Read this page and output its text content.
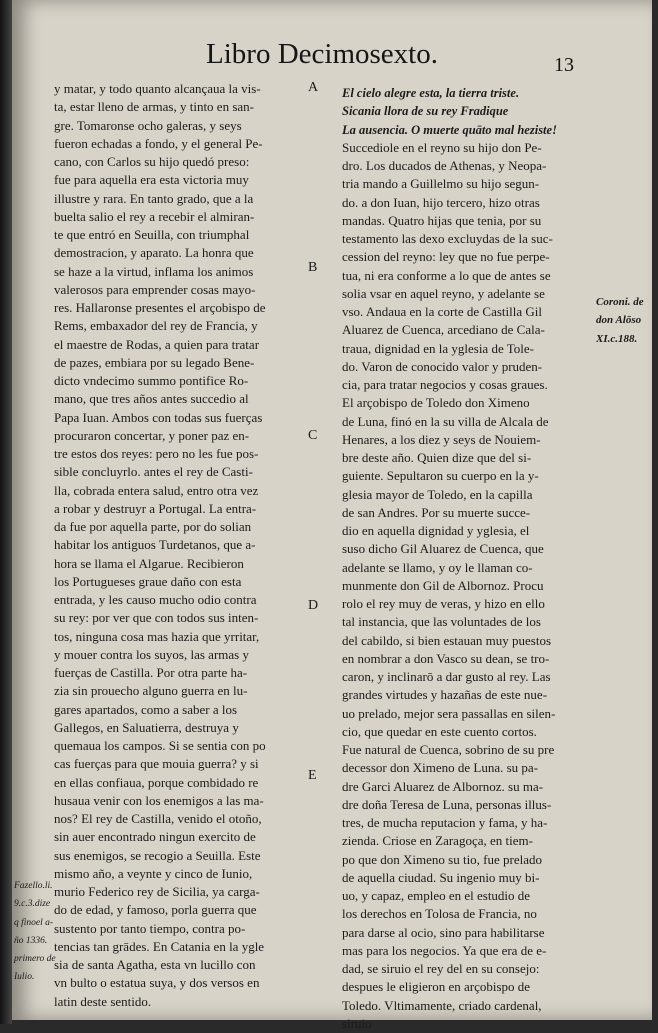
Libro Decimosexto.	13
y matar, y todo quanto alcançaua la vis-
ta, estar lleno de armas, y tinto en san-
gre. Tomaronse ocho galeras, y seys
fueron echadas a fondo, y el general Pe-
cano, con Carlos su hijo quedó preso:
fue para aquella era esta victoria muy
illustre y rara. En tanto grado, que a la
buelta salio el rey a recebir el almiran-
te que entró en Seuilla, con triumphal
demostracion, y aparato. La honra que
se haze a la virtud, inflama los animos
valerosos para emprender cosas mayo-
res. Hallaronse presentes el arçobispo de
Rems, embaxador del rey de Francia, y
el maestre de Rodas, a quien para tratar
de pazes, embiara por su legado Bene-
dicto vndecimo summo pontifice Ro-
mano, que tres años antes succedio al
Papa Iuan. Ambos con todas sus fuerças
procuraron concertar, y poner paz en-
tre estos dos reyes: pero no les fue pos-
sible concluyrlo. antes el rey de Casti-
lla, cobrada entera salud, entro otra vez
a robar y destruyr a Portugal. La entra-
da fue por aquella parte, por do solian
habitar los antiguos Turdetanos, que a-
hora se llama el Algarue. Recibieron
los Portugueses graue daño con esta
entrada, y les causo mucho odio contra
su rey: por ver que con todos sus inten-
tos, ninguna cosa mas hazia que yrritar,
y mouer contra los suyos, las armas y
fuerças de Castilla. Por otra parte ha-
zia sin prouecho alguno guerra en lu-
gares apartados, como a saber a los
Gallegos, en Saluatierra, destruya y
quemaua los campos. Si se sentia con po
cas fuerças para que mouia guerra? y si
en ellas confiaua, porque combidado re
husaua venir con los enemigos a las ma-
nos? El rey de Castilla, venido el otoño,
sin auer encontrado ningun exercito de
sus enemigos, se recogio a Seuilla. Este
mismo año, a veynte y cinco de Iunio,
murio Federico rey de Sicilia, ya carga-
do de edad, y famoso, porla guerra que
sustento por tanto tiempo, contra po-
tencias tan grādes. En Catania en la ygle
sia de santa Agatha, esta vn lucillo con
vn bulto o estatua suya, y dos versos en
latin deste sentido.
El cielo alegre esta, la tierra triste.
Sicania llora de su rey Fradique
La ausencia. O muerte quāto mal heziste!
Succediole en el reyno su hijo don Pe-
dro. Los ducados de Athenas, y Neopa-
tria mando a Guillelmo su hijo segun-
do. a don Iuan, hijo tercero, hizo otras
mandas. Quatro hijas que tenia, por su
testamento las dexo excluydas de la suc-
cession del reyno: ley que no fue perpe-
tua, ni era conforme a lo que de antes se
solia vsar en aquel reyno, y adelante se
vso. Andaua en la corte de Castilla Gil
Aluarez de Cuenca, arcediano de Cala-
traua, dignidad en la yglesia de Tole-
do. Varon de conocido valor y pruden-
cia, para tratar negocios y cosas graues.
El arçobispo de Toledo don Ximeno
de Luna, finó en la su villa de Alcala de
Henares, a los diez y seys de Nouiem-
bre deste año. Quien dize que del si-
guiente. Sepultaron su cuerpo en la y-
glesia mayor de Toledo, en la capilla
de san Andres. Por su muerte succe-
dio en aquella dignidad y yglesia, el
suso dicho Gil Aluarez de Cuenca, que
adelante se llamo, y oy le llaman co-
munmente don Gil de Albornoz. Procu
rolo el rey muy de veras, y hizo en ello
tal instancia, que las voluntades de los
del cabildo, si bien estauan muy puestos
en nombrar a don Vasco su dean, se tro-
caron, y inclinarō a dar gusto al rey. Las
grandes virtudes y hazañas de este nue-
uo prelado, mejor sera passallas en silen-
cio, que quedar en este cuento cortos.
Fue natural de Cuenca, sobrino de su pre
decessor don Ximeno de Luna. su pa-
dre Garci Aluarez de Albornoz. su ma-
dre doña Teresa de Luna, personas illus-
tres, de mucha reputacion y fama, y ha-
zienda. Criose en Zaragoça, en tiem-
po que don Ximeno su tio, fue prelado
de aquella ciudad. Su ingenio muy bi-
uo, y capaz, empleo en el estudio de
los derechos en Tolosa de Francia, no
para darse al ocio, sino para habilitarse
mas para los negocios. Ya que era de e-
dad, se siruio el rey del en su consejo:
despues le eligieron en arçobispo de
Toledo. Vltimamente, criado cardenal,
siruio
A
B
C
D
E
Coroni. de
don Alōso
XI.c.188.
Fazello.li.
9.c.3.dize
q finoel a-
ño 1336.
primero de
Iulio.
